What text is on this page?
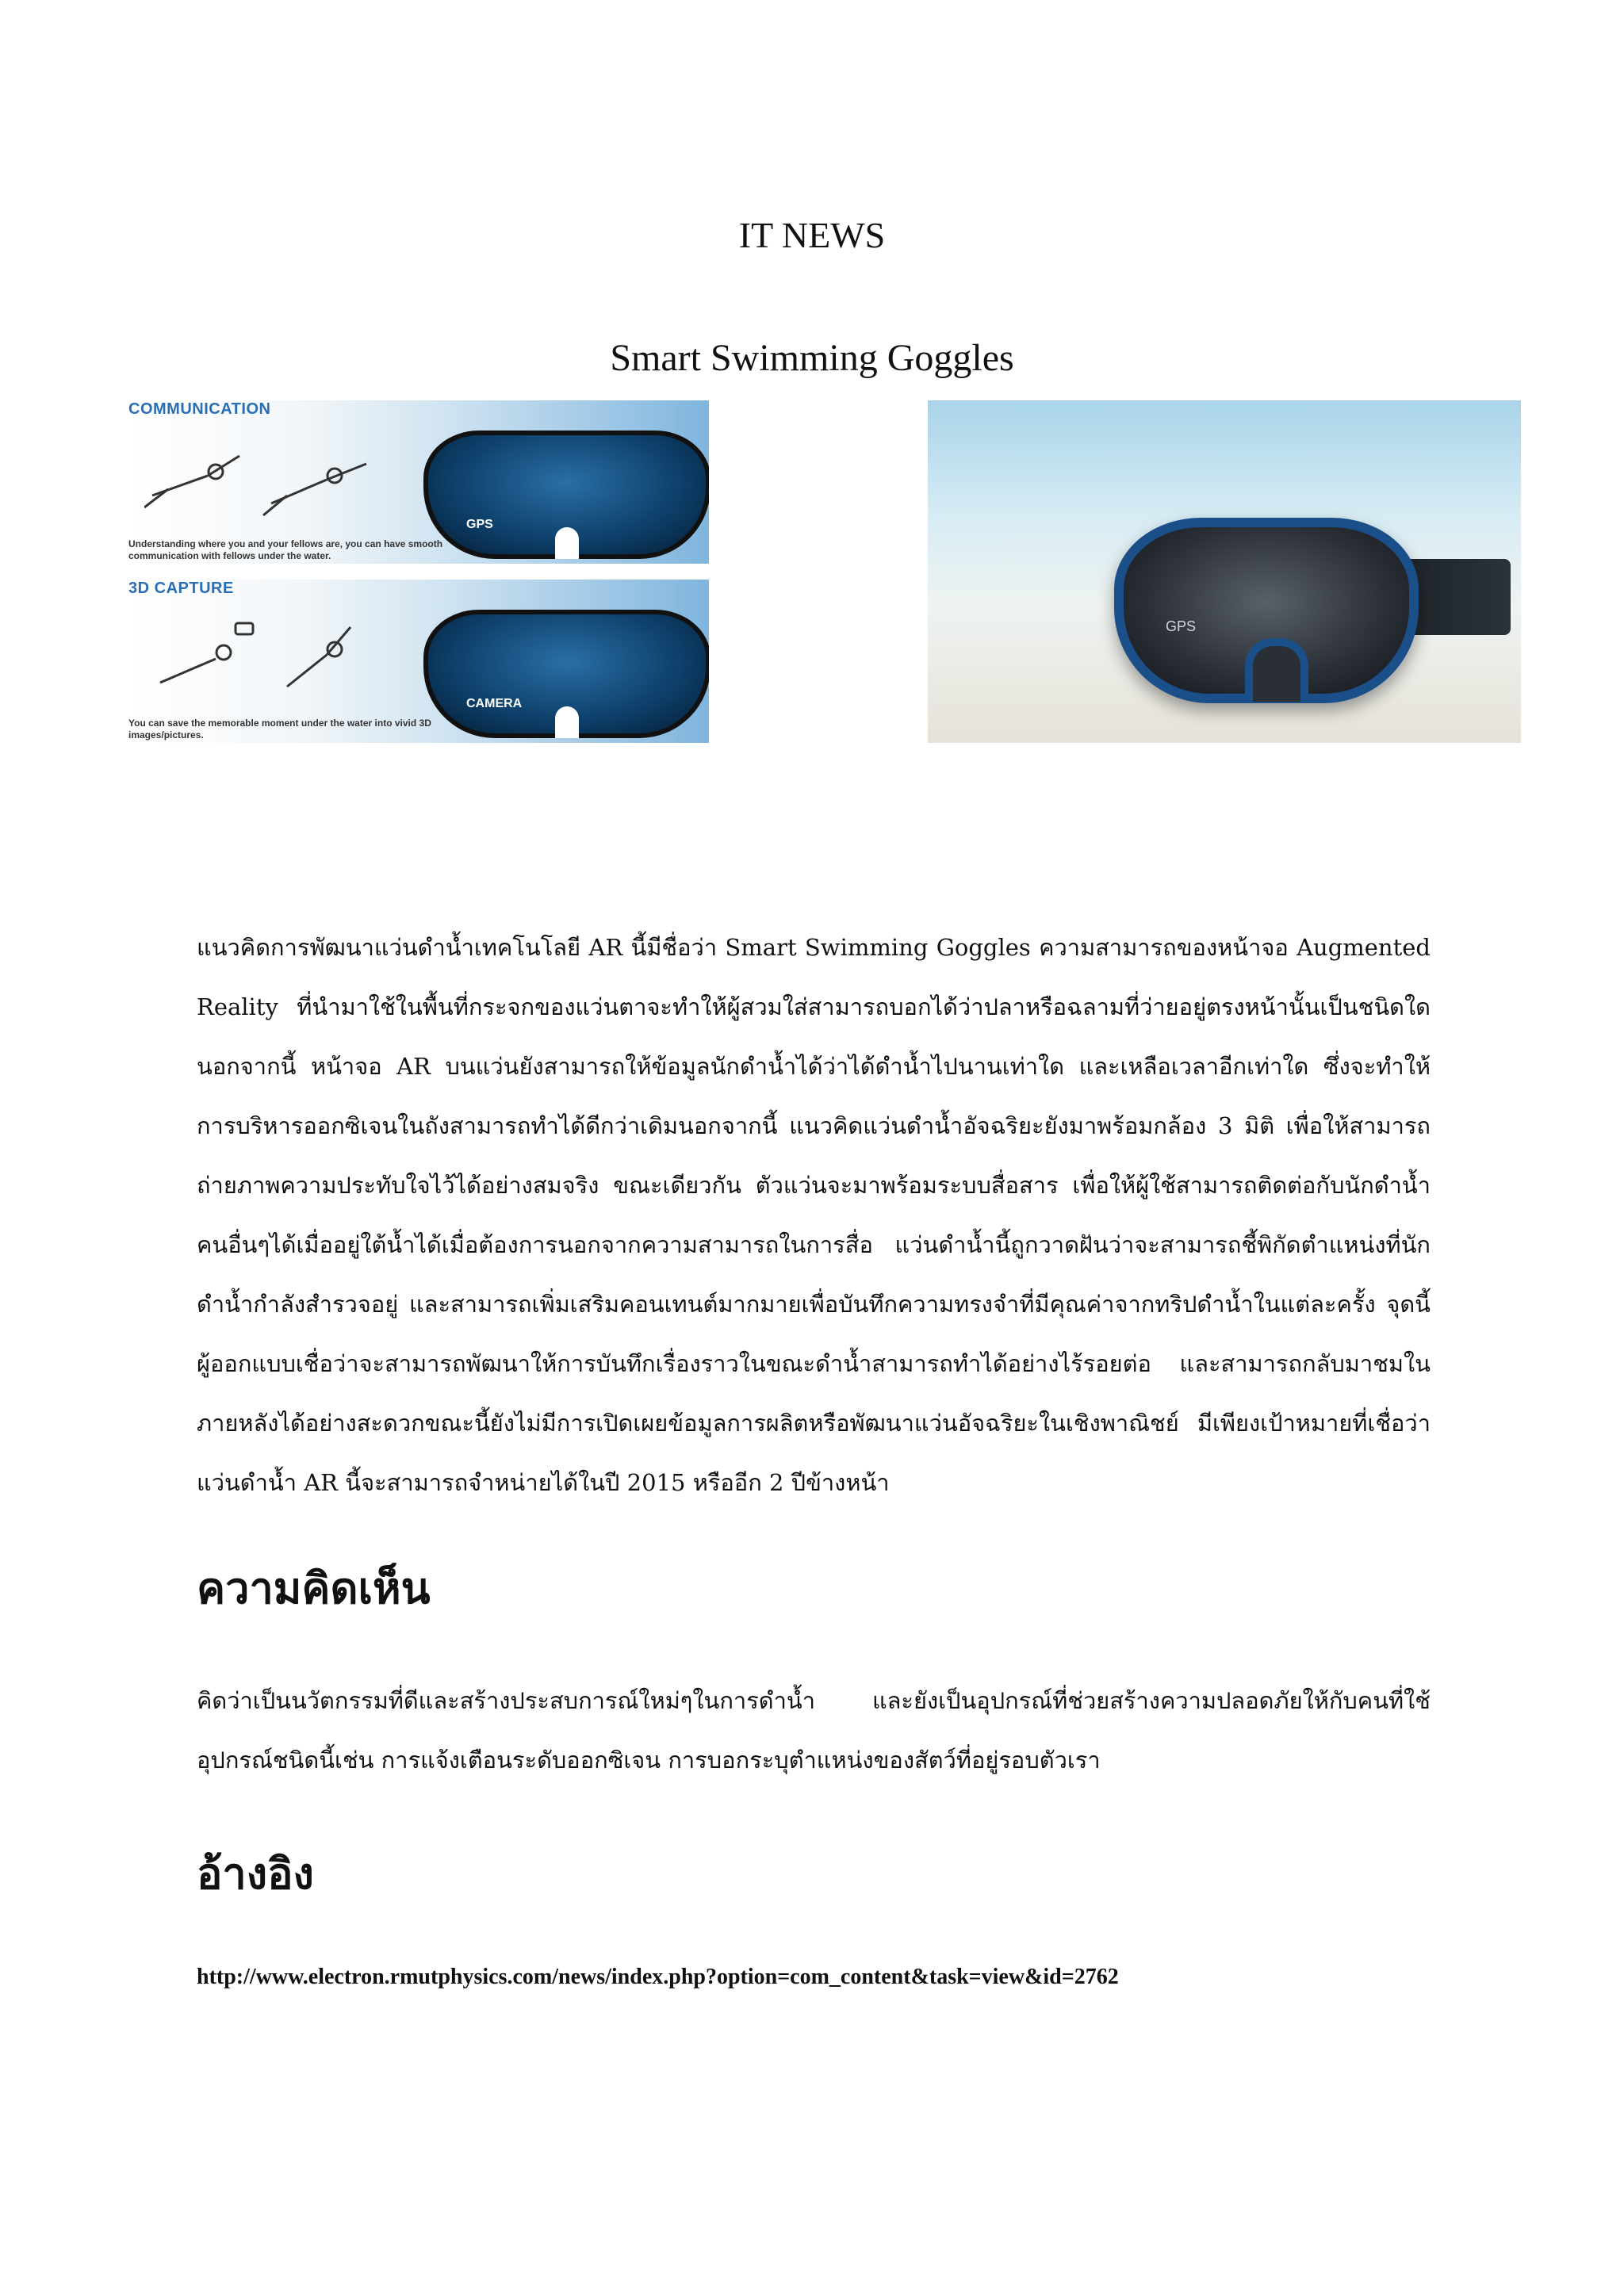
IT NEWS
Smart Swimming Goggles
COMMUNICATION
GPS
Understanding where you and your fellows are, you can have smooth communication with fellows under the water.
3D CAPTURE
CAMERA
You can save the memorable moment under the water into vivid 3D images/pictures.
GPS
แนวคิดการพัฒนาแว่นดำน้ำเทคโนโลยี AR นี้มีชื่อว่า Smart Swimming Goggles ความสามารถของหน้าจอ Augmented Reality ที่นำมาใช้ในพื้นที่กระจกของแว่นตาจะทำให้ผู้สวมใส่สามารถบอกได้ว่าปลาหรือฉลามที่ว่ายอยู่ตรงหน้านั้นเป็นชนิดใด นอกจากนี้ หน้าจอ AR บนแว่นยังสามารถให้ข้อมูลนักดำน้ำได้ว่าได้ดำน้ำไปนานเท่าใด และเหลือเวลาอีกเท่าใด ซึ่งจะทำให้การบริหารออกซิเจนในถังสามารถทำได้ดีกว่าเดิมนอกจากนี้ แนวคิดแว่นดำน้ำอัจฉริยะยังมาพร้อมกล้อง 3 มิติ เพื่อให้สามารถถ่ายภาพความประทับใจไว้ได้อย่างสมจริง ขณะเดียวกัน ตัวแว่นจะมาพร้อมระบบสื่อสาร เพื่อให้ผู้ใช้สามารถติดต่อกับนักดำน้ำคนอื่นๆได้เมื่ออยู่ใต้น้ำได้เมื่อต้องการนอกจากความสามารถในการสื่อ แว่นดำน้ำนี้ถูกวาดฝันว่าจะสามารถชี้พิกัดตำแหน่งที่นักดำน้ำกำลังสำรวจอยู่ และสามารถเพิ่มเสริมคอนเทนต์มากมายเพื่อบันทึกความทรงจำที่มีคุณค่าจากทริปดำน้ำในแต่ละครั้ง จุดนี้ผู้ออกแบบเชื่อว่าจะสามารถพัฒนาให้การบันทึกเรื่องราวในขณะดำน้ำสามารถทำได้อย่างไร้รอยต่อ และสามารถกลับมาชมในภายหลังได้อย่างสะดวกขณะนี้ยังไม่มีการเปิดเผยข้อมูลการผลิตหรือพัฒนาแว่นอัจฉริยะในเชิงพาณิชย์ มีเพียงเป้าหมายที่เชื่อว่า แว่นดำน้ำ AR นี้จะสามารถจำหน่ายได้ในปี 2015 หรืออีก 2 ปีข้างหน้า
ความคิดเห็น
คิดว่าเป็นนวัตกรรมที่ดีและสร้างประสบการณ์ใหม่ๆในการดำน้ำ และยังเป็นอุปกรณ์ที่ช่วยสร้างความปลอดภัยให้กับคนที่ใช้อุปกรณ์ชนิดนี้เช่น การแจ้งเตือนระดับออกซิเจน การบอกระบุตำแหน่งของสัตว์ที่อยู่รอบตัวเรา
อ้างอิง
http://www.electron.rmutphysics.com/news/index.php?option=com_content&task=view&id=2762
